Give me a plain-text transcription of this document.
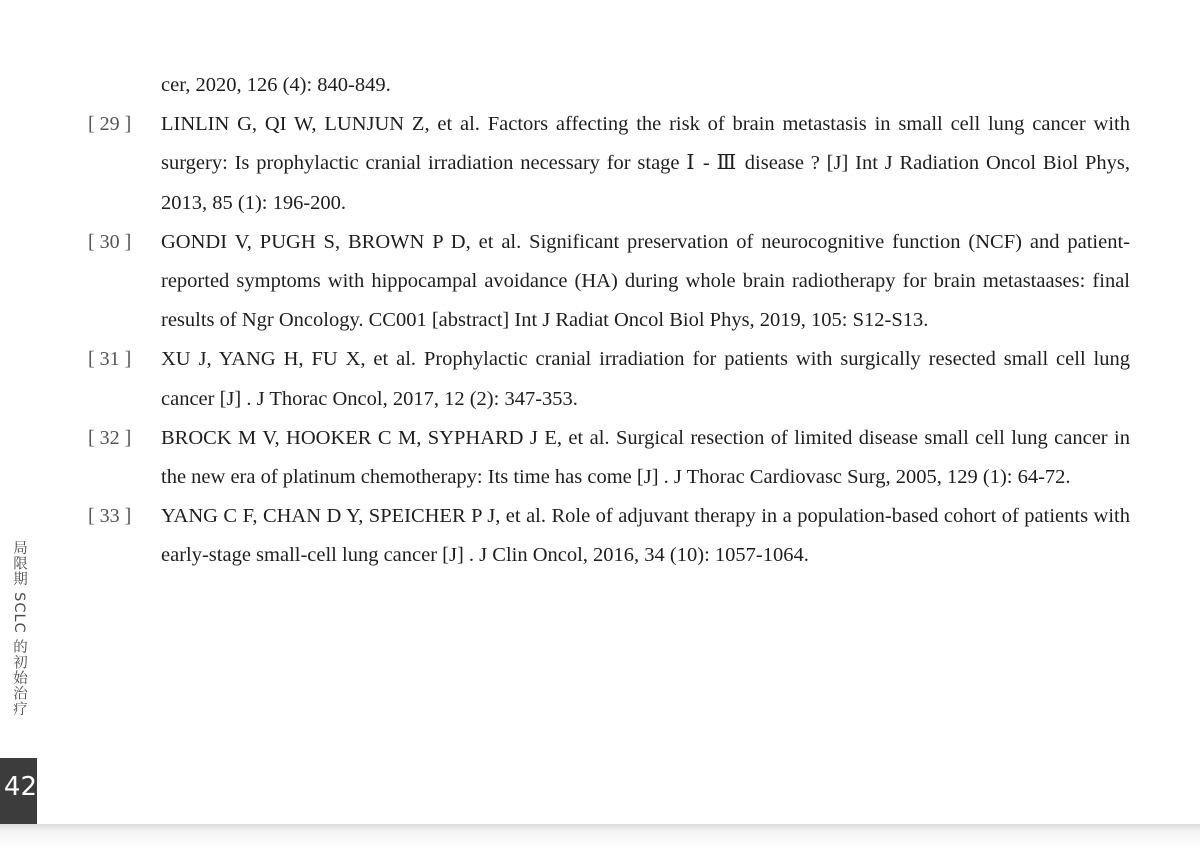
cer, 2020, 126 (4): 840-849.
[ 29 ]	LINLIN G, QI W, LUNJUN Z, et al. Factors affecting the risk of brain metastasis in small cell lung cancer with surgery: Is prophylactic cranial irradiation necessary for stage Ⅰ - Ⅲ disease ? [J] Int J Radiation Oncol Biol Phys, 2013, 85 (1): 196-200.
[ 30 ]	GONDI V, PUGH S, BROWN P D, et al. Significant preservation of neurocognitive function (NCF) and patient-reported symptoms with hippocampal avoidance (HA) during whole brain radiotherapy for brain metastaases: final results of Ngr Oncology. CC001 [abstract] Int J Radiat Oncol Biol Phys, 2019, 105: S12-S13.
[ 31 ]	XU J, YANG H, FU X, et al. Prophylactic cranial irradiation for patients with surgically resected small cell lung cancer [J] . J Thorac Oncol, 2017, 12 (2): 347-353.
[ 32 ]	BROCK M V, HOOKER C M, SYPHARD J E, et al. Surgical resection of limited disease small cell lung cancer in the new era of platinum chemotherapy: Its time has come [J] . J Thorac Cardiovasc Surg, 2005, 129 (1): 64-72.
[ 33 ]	YANG C F, CHAN D Y, SPEICHER P J, et al. Role of adjuvant therapy in a population-based cohort of patients with early-stage small-cell lung cancer [J] . J Clin Oncol, 2016, 34 (10): 1057-1064.
局限期 SCLC 的初始治疗
42
